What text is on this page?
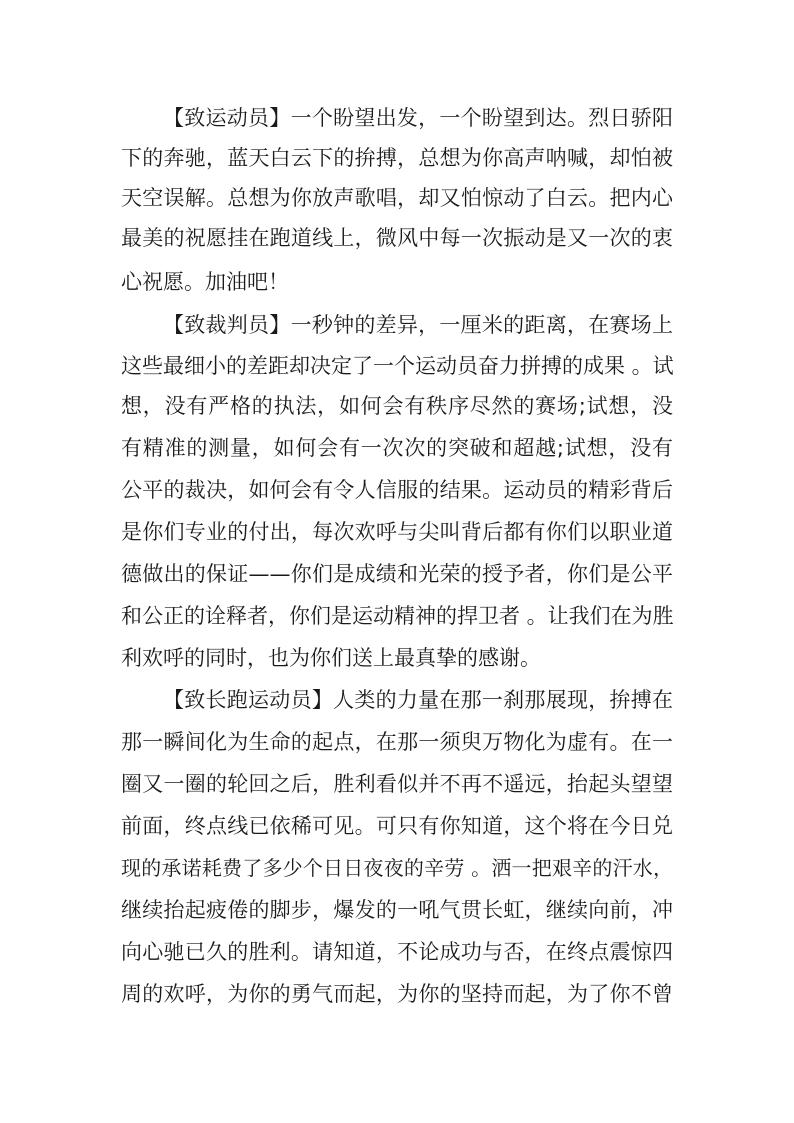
【致运动员】一个盼望出发，一个盼望到达。烈日骄阳
下的奔驰，蓝天白云下的拚搏，总想为你高声呐喊，却怕被
天空误解。总想为你放声歌唱，却又怕惊动了白云。把内心
最美的祝愿挂在跑道线上，微风中每一次振动是又一次的衷
心祝愿。加油吧！
【致裁判员】一秒钟的差异，一厘米的距离，在赛场上
这些最细小的差距却决定了一个运动员奋力拼搏的成果 。试
想，没有严格的执法，如何会有秩序尽然的赛场;试想，没
有精准的测量，如何会有一次次的突破和超越;试想，没有
公平的裁决，如何会有令人信服的结果。运动员的精彩背后
是你们专业的付出，每次欢呼与尖叫背后都有你们以职业道
德做出的保证——你们是成绩和光荣的授予者，你们是公平
和公正的诠释者，你们是运动精神的捍卫者 。让我们在为胜
利欢呼的同时，也为你们送上最真挚的感谢。
【致长跑运动员】人类的力量在那一刹那展现，拚搏在
那一瞬间化为生命的起点，在那一须臾万物化为虚有。在一
圈又一圈的轮回之后，胜利看似并不再不遥远，抬起头望望
前面，终点线已依稀可见。可只有你知道，这个将在今日兑
现的承诺耗费了多少个日日夜夜的辛劳 。洒一把艰辛的汗水，
继续抬起疲倦的脚步，爆发的一吼气贯长虹，继续向前，冲
向心驰已久的胜利。请知道，不论成功与否，在终点震惊四
周的欢呼，为你的勇气而起，为你的坚持而起，为了你不曾
